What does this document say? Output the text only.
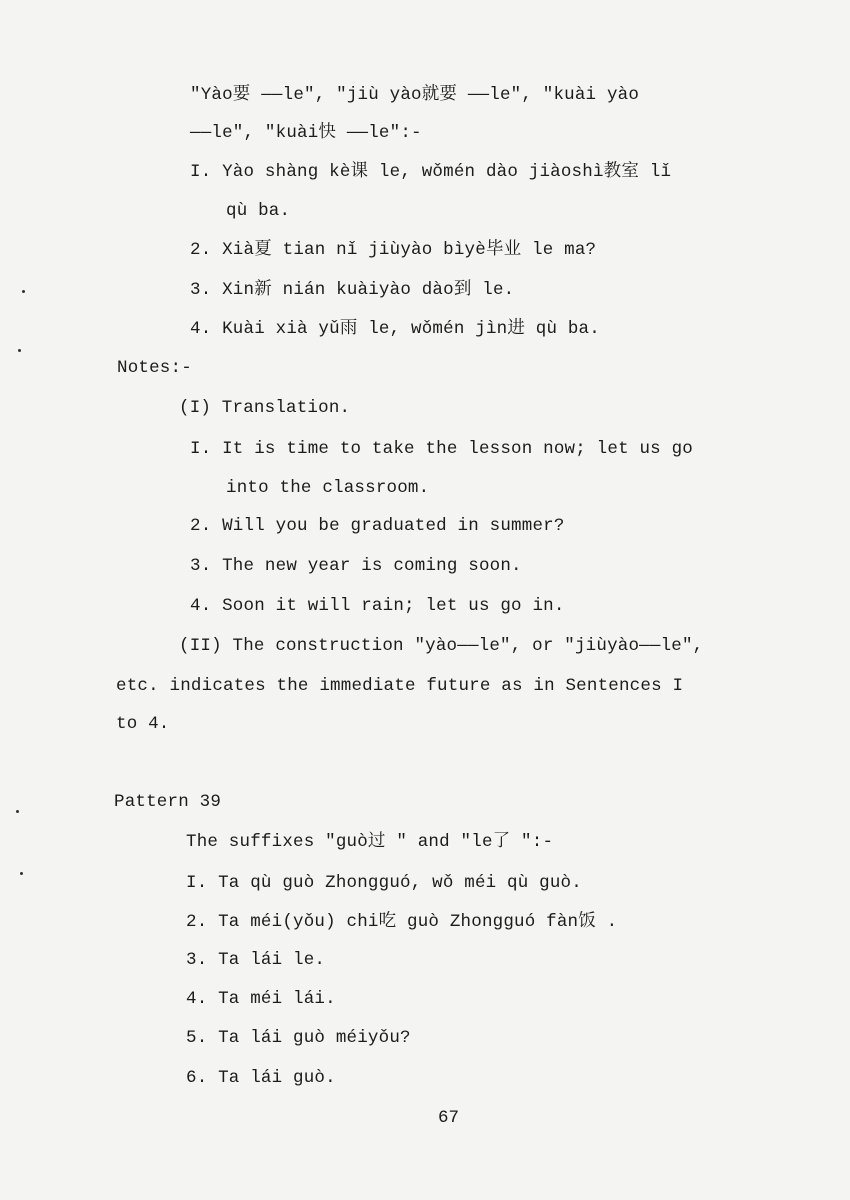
"Yào要 ——le", "jiù yào就要 ——le", "kuài yào
——le", "kuài快 ——le":-
I. Yào shàng kè课 le, wǒmén dào jiàoshì教室 lǐ
qù ba.
2. Xià夏 tian nǐ jiùyào bìyè毕业 le ma?
3. Xin新 nián kuàiyào dào到 le.
4. Kuài xià yǔ雨 le, wǒmén jìn进 qù ba.
Notes:-
(I) Translation.
I. It is time to take the lesson now; let us go
into the classroom.
2. Will you be graduated in summer?
3. The new year is coming soon.
4. Soon it will rain; let us go in.
(II) The construction "yào——le", or "jiùyào——le",
etc. indicates the immediate future as in Sentences I
to 4.
Pattern 39
The suffixes "guò过 " and "le了 ":-
I. Ta qù guò Zhongguó, wǒ méi qù guò.
2. Ta méi(yǒu) chi吃 guò Zhongguó fàn饭 .
3. Ta lái le.
4. Ta méi lái.
5. Ta lái guò méiyǒu?
6. Ta lái guò.
67
